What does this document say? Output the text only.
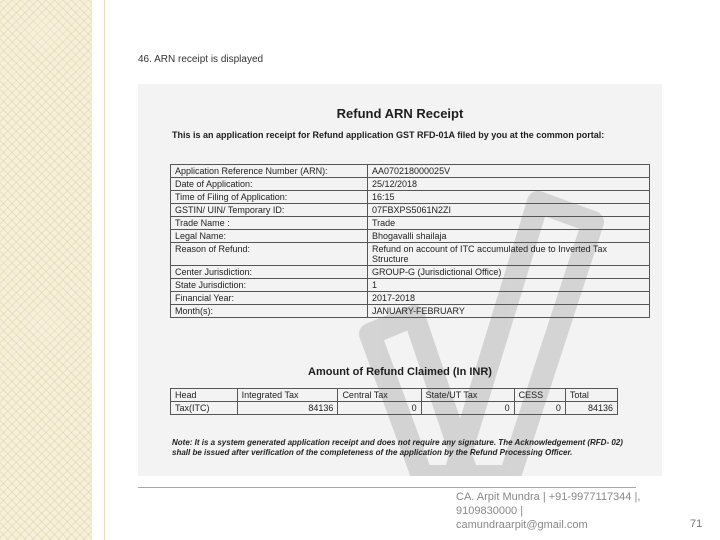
46. ARN receipt is displayed
Refund ARN Receipt
This is an application receipt for Refund application GST RFD-01A filed by you at the common portal:
Application Reference Number (ARN):	AA070218000025V
Date of Application:	25/12/2018
Time of Filing of Application:	16:15
GSTIN/ UIN/ Temporary ID:	07FBXPS5061N2ZI
Trade Name :	Trade
Legal Name:	Bhogavalli shailaja
Reason of Refund:	Refund on account of ITC accumulated due to Inverted Tax Structure
Center Jurisdiction:	GROUP-G (Jurisdictional Office)
State Jurisdiction:	1
Financial Year:	2017-2018
Month(s):	JANUARY-FEBRUARY
Amount of Refund Claimed (In INR)
Head	Integrated Tax	Central Tax	State/UT Tax	CESS	Total
Tax(ITC)	84136	0	0	0	84136
Note: It is a system generated application receipt and does not require any signature. The Acknowledgement (RFD- 02) shall be issued after verification of the completeness of the application by the Refund Processing Officer.
CA. Arpit Mundra | +91-9977117344 |,
9109830000 |
camundraarpit@gmail.com	71
